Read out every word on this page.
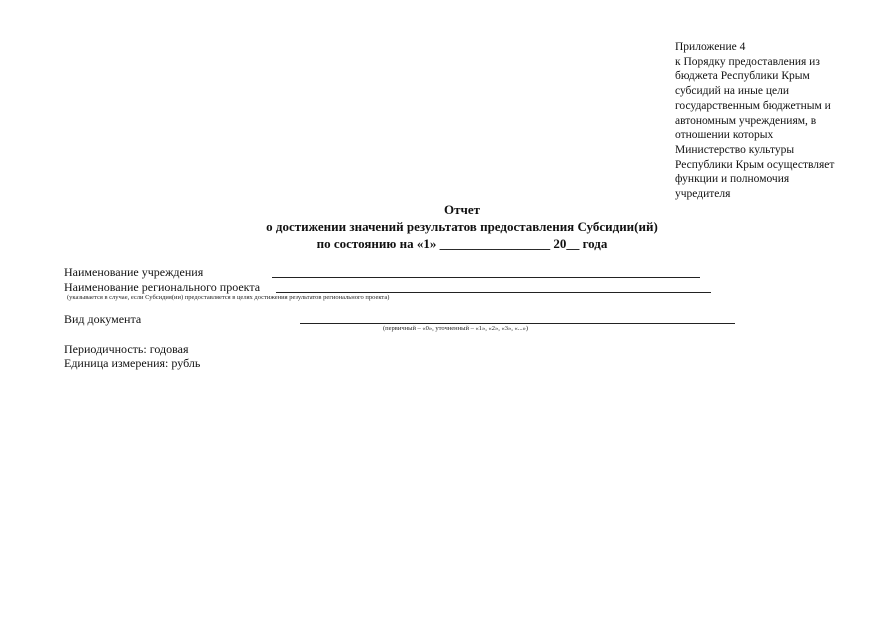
Приложение 4
к Порядку предоставления из
бюджета Республики Крым
субсидий на иные цели
государственным бюджетным и
автономным учреждениям, в
отношении которых
Министерство культуры
Республики Крым осуществляет
функции и полномочия
учредителя
Отчет
о достижении значений результатов предоставления Субсидии(ий)
по состоянию на «1» _________________ 20__ года
Наименование учреждения
Наименование регионального проекта
(указывается в случае, если Субсидия(ии) предоставляется в целях достижения результатов регионального проекта)
Вид документа
(первичный – «0», уточненный – «1», «2», «3», «...»)
Периодичность: годовая
Единица измерения: рубль
